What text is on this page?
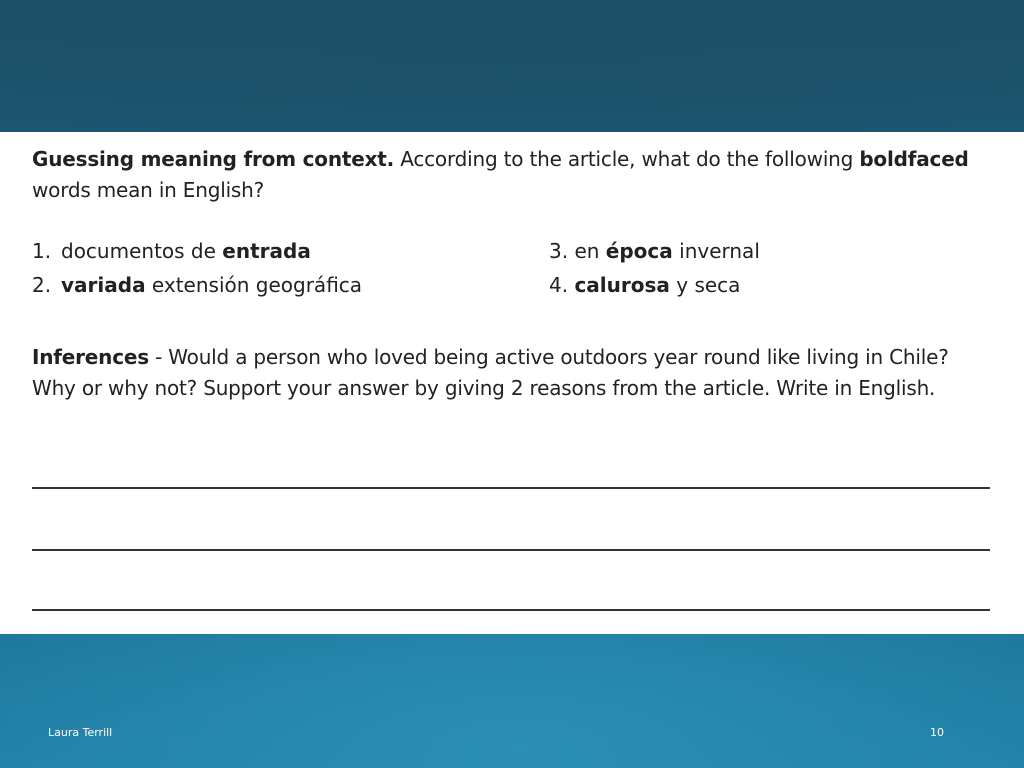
Guessing meaning from context. According to the article, what do the following boldfaced words mean in English?
1. documentos de entrada	3. en época invernal
2. variada extensión geográfica	4. calurosa y seca
Inferences - Would a person who loved being active outdoors year round like living in Chile? Why or why not? Support your answer by giving 2 reasons from the article. Write in English.
Laura Terrill	10
